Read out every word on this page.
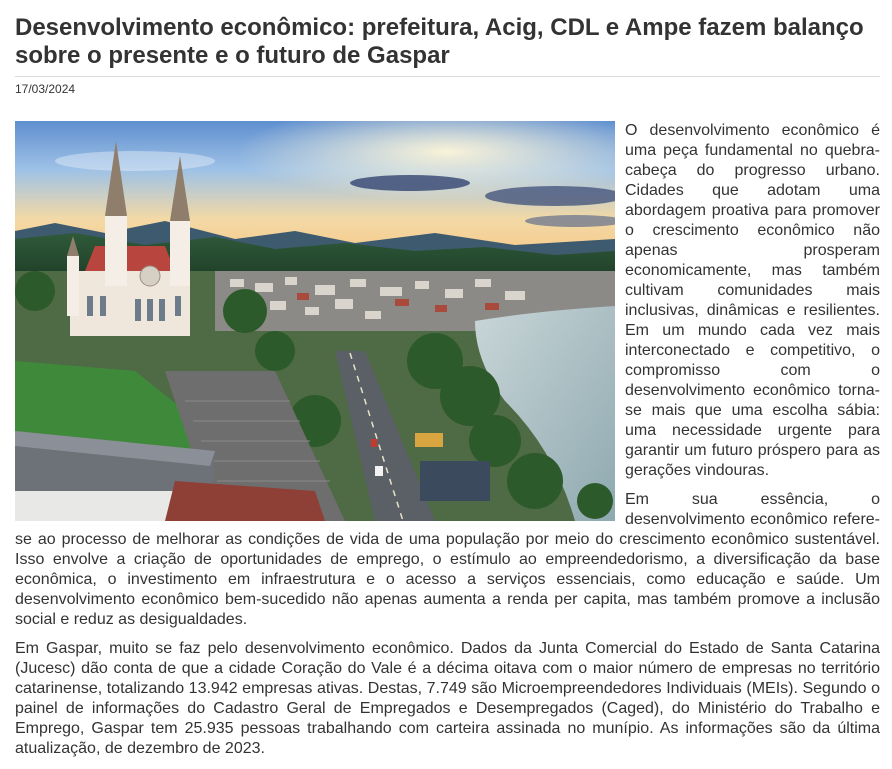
Desenvolvimento econômico: prefeitura, Acig, CDL e Ampe fazem balanço sobre o presente e o futuro de Gaspar
17/03/2024

O desenvolvimento econômico é uma peça fundamental no quebra-cabeça do progresso urbano. Cidades que adotam uma abordagem proativa para promover o crescimento econômico não apenas prosperam economicamente, mas também cultivam comunidades mais inclusivas, dinâmicas e resilientes. Em um mundo cada vez mais interconectado e competitivo, o compromisso com o desenvolvimento econômico torna-se mais que uma escolha sábia: uma necessidade urgente para garantir um futuro próspero para as gerações vindouras.

Em sua essência, o desenvolvimento econômico refere-se ao processo de melhorar as condições de vida de uma população por meio do crescimento econômico sustentável. Isso envolve a criação de oportunidades de emprego, o estímulo ao empreendedorismo, a diversificação da base econômica, o investimento em infraestrutura e o acesso a serviços essenciais, como educação e saúde. Um desenvolvimento econômico bem-sucedido não apenas aumenta a renda per capita, mas também promove a inclusão social e reduz as desigualdades.

Em Gaspar, muito se faz pelo desenvolvimento econômico. Dados da Junta Comercial do Estado de Santa Catarina (Jucesc) dão conta de que a cidade Coração do Vale é a décima oitava com o maior número de empresas no território catarinense, totalizando 13.942 empresas ativas. Destas, 7.749 são Microempreendedores Individuais (MEIs). Segundo o painel de informações do Cadastro Geral de Empregados e Desempregados (Caged), do Ministério do Trabalho e Emprego, Gaspar tem 25.935 pessoas trabalhando com carteira assinada no munípio. As informações são da última atualização, de dezembro de 2023.
